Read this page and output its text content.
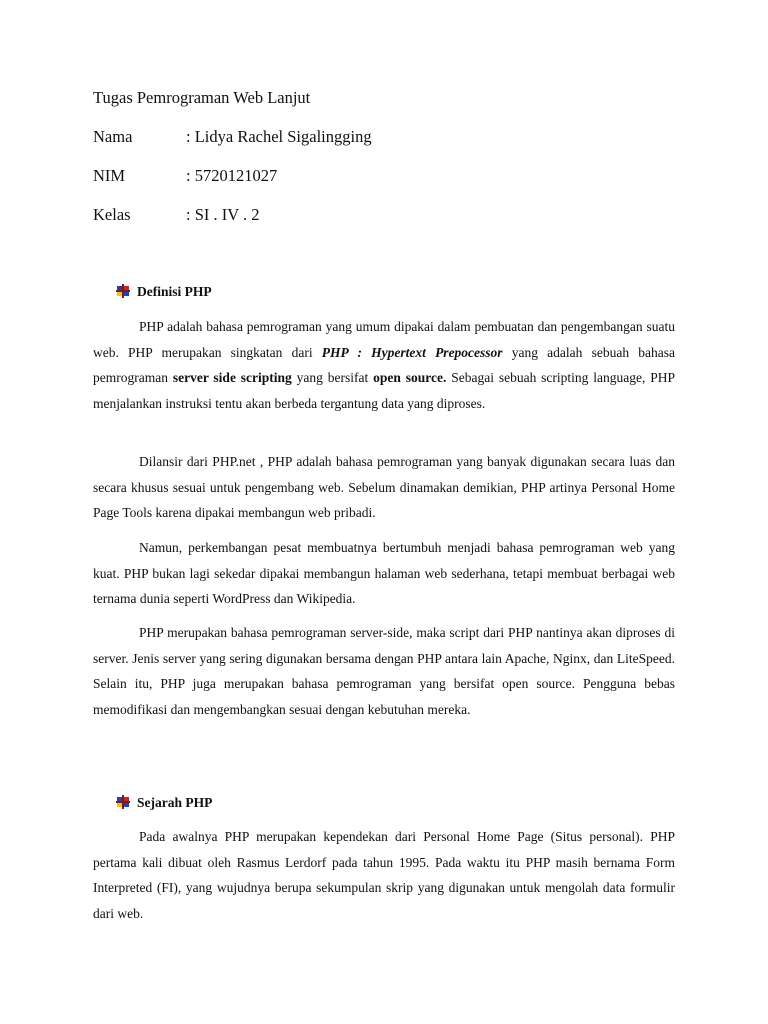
Tugas Pemrograman Web Lanjut
Nama	: Lidya Rachel Sigalingging
NIM	: 5720121027
Kelas	: SI . IV . 2
Definisi PHP
PHP adalah bahasa pemrograman yang umum dipakai dalam pembuatan dan pengembangan suatu web. PHP merupakan singkatan dari PHP : Hypertext Prepocessor yang adalah sebuah bahasa pemrograman server side scripting yang bersifat open source. Sebagai sebuah scripting language, PHP menjalankan instruksi tentu akan berbeda tergantung data yang diproses.
Dilansir dari PHP.net , PHP adalah bahasa pemrograman yang banyak digunakan secara luas dan secara khusus sesuai untuk pengembang web. Sebelum dinamakan demikian, PHP artinya Personal Home Page Tools karena dipakai membangun web pribadi.
Namun, perkembangan pesat membuatnya bertumbuh menjadi bahasa pemrograman web yang kuat. PHP bukan lagi sekedar dipakai membangun halaman web sederhana, tetapi membuat berbagai web ternama dunia seperti WordPress dan Wikipedia.
PHP merupakan bahasa pemrograman server-side, maka script dari PHP nantinya akan diproses di server. Jenis server yang sering digunakan bersama dengan PHP antara lain Apache, Nginx, dan LiteSpeed. Selain itu, PHP juga merupakan bahasa pemrograman yang bersifat open source. Pengguna bebas memodifikasi dan mengembangkan sesuai dengan kebutuhan mereka.
Sejarah PHP
Pada awalnya PHP merupakan kependekan dari Personal Home Page (Situs personal). PHP pertama kali dibuat oleh Rasmus Lerdorf pada tahun 1995. Pada waktu itu PHP masih bernama Form Interpreted (FI), yang wujudnya berupa sekumpulan skrip yang digunakan untuk mengolah data formulir dari web.
